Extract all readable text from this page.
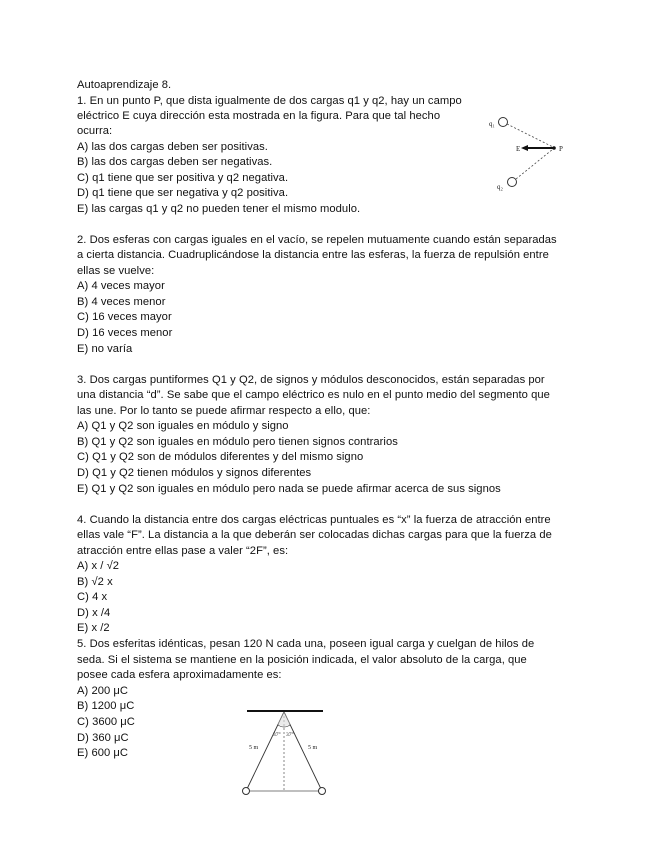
Autoaprendizaje 8.
1. En un punto P, que dista igualmente de dos cargas q1 y q2, hay un campo
eléctrico E cuya dirección esta mostrada en la figura. Para que tal hecho
ocurra:
A) las dos cargas deben ser positivas.
B) las dos cargas deben ser negativas.
C) q1 tiene que ser positiva y q2 negativa.
D) q1 tiene que ser negativa y q2 positiva.
E) las cargas q1 y q2 no pueden tener el mismo modulo.
q₁
q₂
E	P
2. Dos esferas con cargas iguales en el vacío, se repelen mutuamente cuando están separadas
a cierta distancia. Cuadruplicándose la distancia entre las esferas, la fuerza de repulsión entre
ellas se vuelve:
A) 4 veces mayor
B) 4 veces menor
C) 16 veces mayor
D) 16 veces menor
E) no varía
3. Dos cargas puntiformes Q1 y Q2, de signos y módulos desconocidos, están separadas por
una distancia “d”. Se sabe que el campo eléctrico es nulo en el punto medio del segmento que
las une. Por lo tanto se puede afirmar respecto a ello, que:
A) Q1 y Q2 son iguales en módulo y signo
B) Q1 y Q2 son iguales en módulo pero tienen signos contrarios
C) Q1 y Q2 son de módulos diferentes y del mismo signo
D) Q1 y Q2 tienen módulos y signos diferentes
E) Q1 y Q2 son iguales en módulo pero nada se puede afirmar acerca de sus signos
4. Cuando la distancia entre dos cargas eléctricas puntuales es “x” la fuerza de atracción entre
ellas vale “F”. La distancia a la que deberán ser colocadas dichas cargas para que la fuerza de
atracción entre ellas pase a valer “2F”, es:
A) x / √2
B) √2 x
C) 4 x
D) x /4
E) x /2
5. Dos esferitas idénticas, pesan 120 N cada una, poseen igual carga y cuelgan de hilos de
seda. Si el sistema se mantiene en la posición indicada, el valor absoluto de la carga, que
posee cada esfera aproximadamente es:
A) 200 μC
B) 1200 μC
C) 3600 μC
D) 360 μC
E) 600 μC
37° 37°
5 m	5 m
